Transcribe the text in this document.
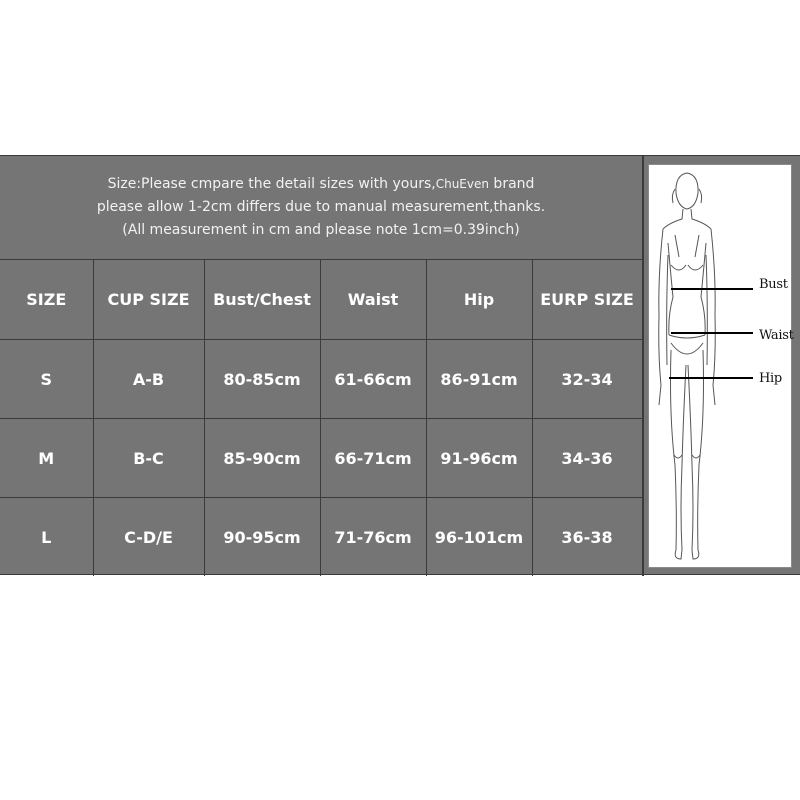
Size:Please cmpare the detail sizes with yours,ChuEven brand
please allow 1-2cm differs due to manual measurement,thanks.
(All measurement in cm and please note 1cm=0.39inch)
SIZE	CUP SIZE	Bust/Chest	Waist	Hip	EURP SIZE
S	A-B	80-85cm	61-66cm	86-91cm	32-34
M	B-C	85-90cm	66-71cm	91-96cm	34-36
L	C-D/E	90-95cm	71-76cm	96-101cm	36-38
Bust
Waist
Hip
